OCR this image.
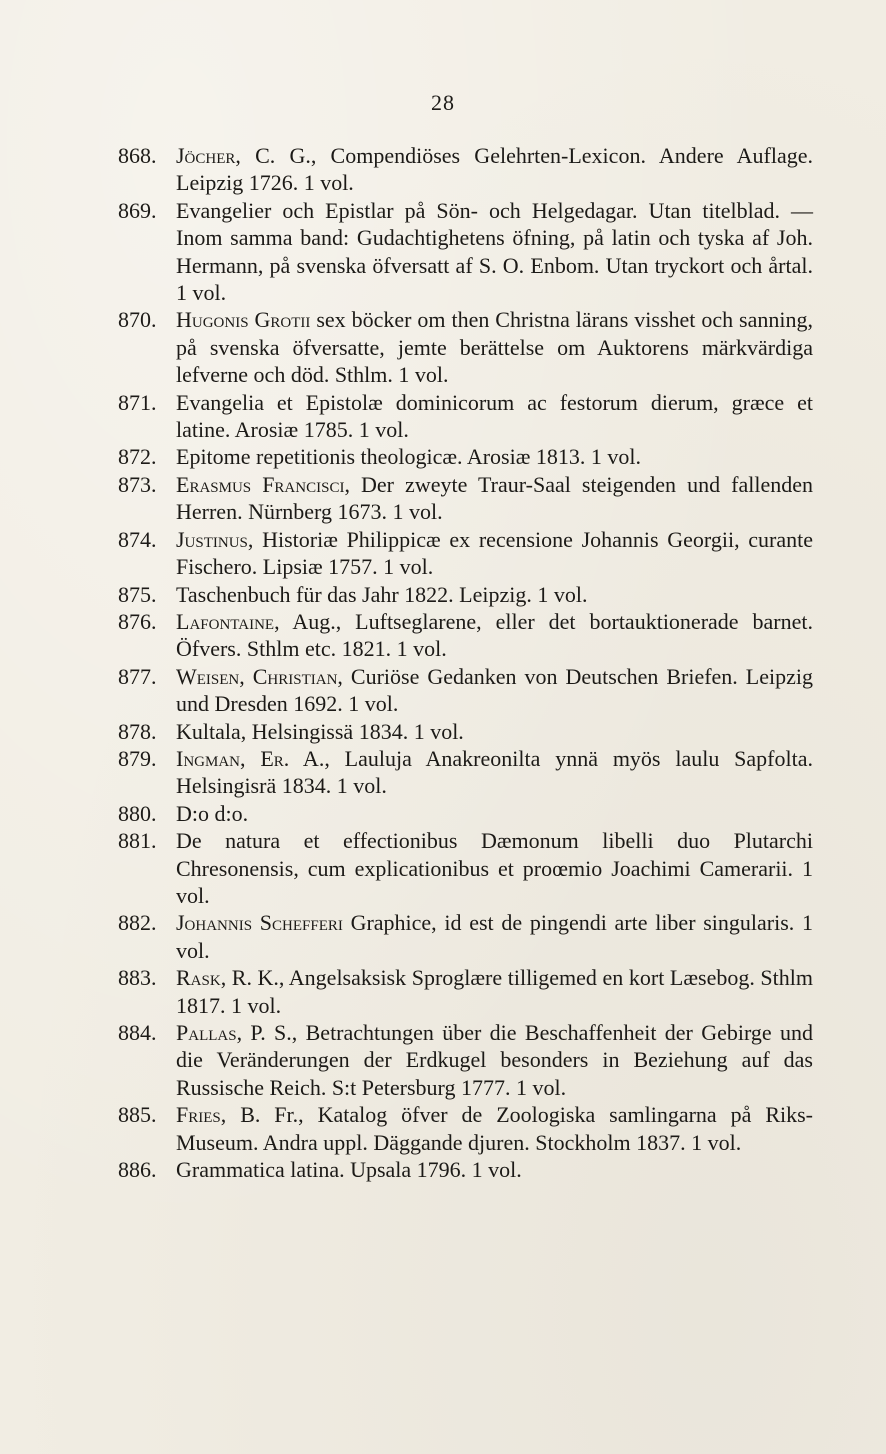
28
868. Jöcher, C. G., Compendiöses Gelehrten-Lexicon. Andere Auflage. Leipzig 1726. 1 vol.
869. Evangelier och Epistlar på Sön- och Helgedagar. Utan titelblad. — Inom samma band: Gudachtighetens öfning, på latin och tyska af Joh. Hermann, på svenska öfversatt af S. O. Enbom. Utan tryckort och årtal. 1 vol.
870. Hugonis Grotii sex böcker om then Christna lärans visshet och sanning, på svenska öfversatte, jemte berättelse om Auktorens märkvärdiga lefverne och död. Sthlm. 1 vol.
871. Evangelia et Epistolæ dominicorum ac festorum dierum, græce et latine. Arosiæ 1785. 1 vol.
872. Epitome repetitionis theologicæ. Arosiæ 1813. 1 vol.
873. Erasmus Francisci, Der zweyte Traur-Saal steigenden und fallenden Herren. Nürnberg 1673. 1 vol.
874. Justinus, Historiæ Philippicæ ex recensione Johannis Georgii, curante Fischero. Lipsiæ 1757. 1 vol.
875. Taschenbuch für das Jahr 1822. Leipzig. 1 vol.
876. Lafontaine, Aug., Luftseglarene, eller det bortauktionerade barnet. Öfvers. Sthlm etc. 1821. 1 vol.
877. Weisen, Christian, Curiöse Gedanken von Deutschen Briefen. Leipzig und Dresden 1692. 1 vol.
878. Kultala, Helsingissä 1834. 1 vol.
879. Ingman, Er. A., Lauluja Anakreonilta ynnä myös laulu Sapfolta. Helsingisrä 1834. 1 vol.
880. D:o d:o.
881. De natura et effectionibus Dæmonum libelli duo Plutarchi Chresonensis, cum explicationibus et proœmio Joachimi Camerarii. 1 vol.
882. Johannis Schefferi Graphice, id est de pingendi arte liber singularis. 1 vol.
883. Rask, R. K., Angelsaksisk Sproglære tilligemed en kort Læsebog. Sthlm 1817. 1 vol.
884. Pallas, P. S., Betrachtungen über die Beschaffenheit der Gebirge und die Veränderungen der Erdkugel besonders in Beziehung auf das Russische Reich. S:t Petersburg 1777. 1 vol.
885. Fries, B. Fr., Katalog öfver de Zoologiska samlingarna på Riks-Museum. Andra uppl. Däggande djuren. Stockholm 1837. 1 vol.
886. Grammatica latina. Upsala 1796. 1 vol.
